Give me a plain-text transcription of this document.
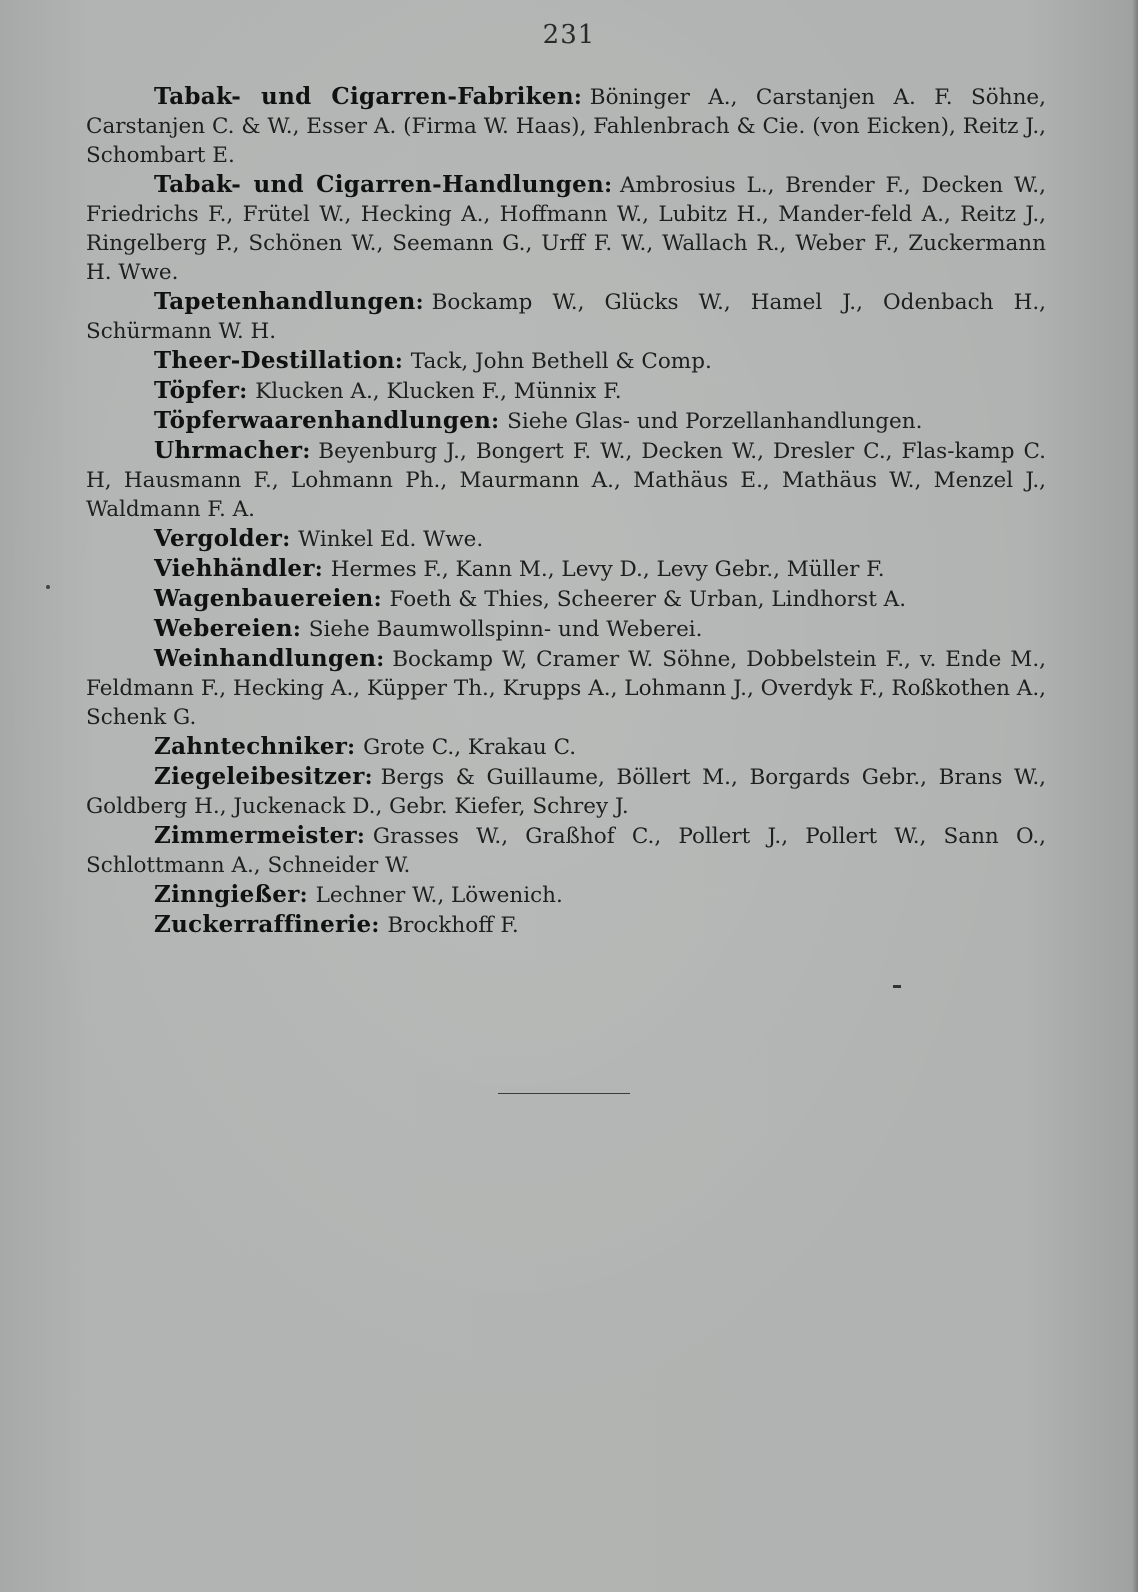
231

Tabak- und Cigarren-Fabriken: Böninger A., Carstanjen A. F. Söhne, Carstanjen C. & W., Esser A. (Firma W. Haas), Fahlenbrach & Cie. (von Eicken), Reitz J., Schombart E.

Tabak- und Cigarren-Handlungen: Ambrosius L., Brender F., Decken W., Friedrichs F., Frütel W., Hecking A., Hoffmann W., Lubitz H., Mander-feld A., Reitz J., Ringelberg P., Schönen W., Seemann G., Urff F. W., Wallach R., Weber F., Zuckermann H. Wwe.

Tapetenhandlungen: Bockamp W., Glücks W., Hamel J., Odenbach H., Schürmann W. H.

Theer-Destillation: Tack, John Bethell & Comp.

Töpfer: Klucken A., Klucken F., Münnix F.

Töpferwaarenhandlungen: Siehe Glas- und Porzellanhandlungen.

Uhrmacher: Beyenburg J., Bongert F. W., Decken W., Dresler C., Flas-kamp C. H, Hausmann F., Lohmann Ph., Maurmann A., Mathäus E., Mathäus W., Menzel J., Waldmann F. A.

Vergolder: Winkel Ed. Wwe.

Viehhändler: Hermes F., Kann M., Levy D., Levy Gebr., Müller F.

Wagenbauereien: Foeth & Thies, Scheerer & Urban, Lindhorst A.

Webereien: Siehe Baumwollspinn- und Weberei.

Weinhandlungen: Bockamp W, Cramer W. Söhne, Dobbelstein F., v. Ende M., Feldmann F., Hecking A., Küpper Th., Krupps A., Lohmann J., Overdyk F., Roßkothen A., Schenk G.

Zahntechniker: Grote C., Krakau C.

Ziegeleibesitzer: Bergs & Guillaume, Böllert M., Borgards Gebr., Brans W., Goldberg H., Juckenack D., Gebr. Kiefer, Schrey J.

Zimmermeister: Grasses W., Graßhof C., Pollert J., Pollert W., Sann O., Schlottmann A., Schneider W.

Zinngießer: Lechner W., Löwenich.

Zuckerraffinerie: Brockhoff F.
